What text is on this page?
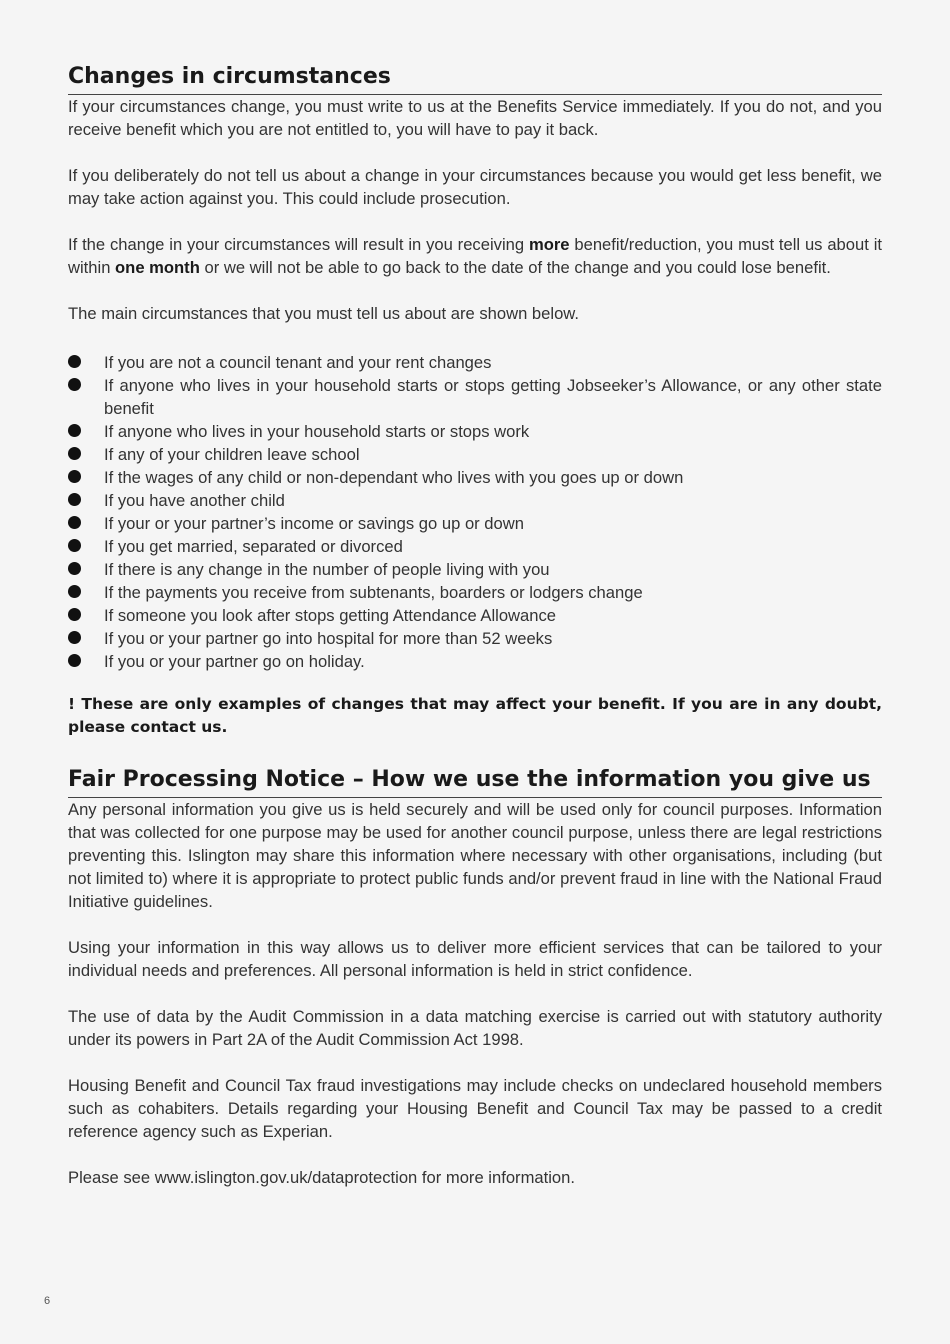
Changes in circumstances

If your circumstances change, you must write to us at the Benefits Service immediately. If you do not, and you receive benefit which you are not entitled to, you will have to pay it back.

If you deliberately do not tell us about a change in your circumstances because you would get less benefit, we may take action against you. This could include prosecution.

If the change in your circumstances will result in you receiving more benefit/reduction, you must tell us about it within one month or we will not be able to go back to the date of the change and you could lose benefit.

The main circumstances that you must tell us about are shown below.

If you are not a council tenant and your rent changes
If anyone who lives in your household starts or stops getting Jobseeker’s Allowance, or any other state benefit
If anyone who lives in your household starts or stops work
If any of your children leave school
If the wages of any child or non-dependant who lives with you goes up or down
If you have another child
If your or your partner’s income or savings go up or down
If you get married, separated or divorced
If there is any change in the number of people living with you
If the payments you receive from subtenants, boarders or lodgers change
If someone you look after stops getting Attendance Allowance
If you or your partner go into hospital for more than 52 weeks
If you or your partner go on holiday.

! These are only examples of changes that may affect your benefit. If you are in any doubt, please contact us.

Fair Processing Notice – How we use the information you give us

Any personal information you give us is held securely and will be used only for council purposes. Information that was collected for one purpose may be used for another council purpose, unless there are legal restrictions preventing this. Islington may share this information where necessary with other organisations, including (but not limited to) where it is appropriate to protect public funds and/or prevent fraud in line with the National Fraud Initiative guidelines.

Using your information in this way allows us to deliver more efficient services that can be tailored to your individual needs and preferences. All personal information is held in strict confidence.

The use of data by the Audit Commission in a data matching exercise is carried out with statutory authority under its powers in Part 2A of the Audit Commission Act 1998.

Housing Benefit and Council Tax fraud investigations may include checks on undeclared household members such as cohabiters. Details regarding your Housing Benefit and Council Tax may be passed to a credit reference agency such as Experian.

Please see www.islington.gov.uk/dataprotection for more information.

6
